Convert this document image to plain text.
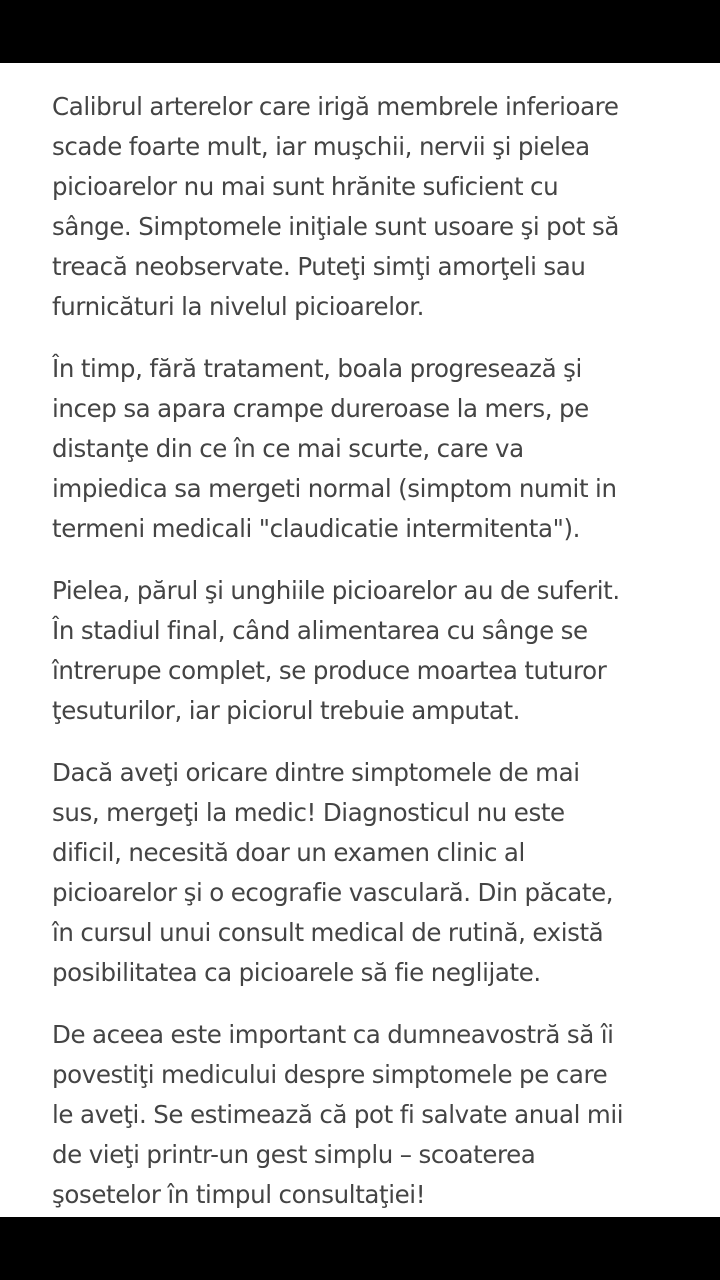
Calibrul arterelor care irigă membrele inferioare
scade foarte mult, iar muşchii, nervii şi pielea
picioarelor nu mai sunt hrănite suficient cu
sânge. Simptomele iniţiale sunt usoare şi pot să
treacă neobservate. Puteţi simţi amorţeli sau
furnicături la nivelul picioarelor.

În timp, fără tratament, boala progresează şi
incep sa apara crampe dureroase la mers, pe
distanţe din ce în ce mai scurte, care va
impiedica sa mergeti normal (simptom numit in
termeni medicali "claudicatie intermitenta").

Pielea, părul şi unghiile picioarelor au de suferit.
În stadiul final, când alimentarea cu sânge se
întrerupe complet, se produce moartea tuturor
ţesuturilor, iar piciorul trebuie amputat.

Dacă aveţi oricare dintre simptomele de mai
sus, mergeţi la medic! Diagnosticul nu este
dificil, necesită doar un examen clinic al
picioarelor şi o ecografie vasculară. Din păcate,
în cursul unui consult medical de rutină, există
posibilitatea ca picioarele să fie neglijate.

De aceea este important ca dumneavostră să îi
povestiţi medicului despre simptomele pe care
le aveţi. Se estimează că pot fi salvate anual mii
de vieţi printr-un gest simplu – scoaterea
şosetelor în timpul consultaţiei!
